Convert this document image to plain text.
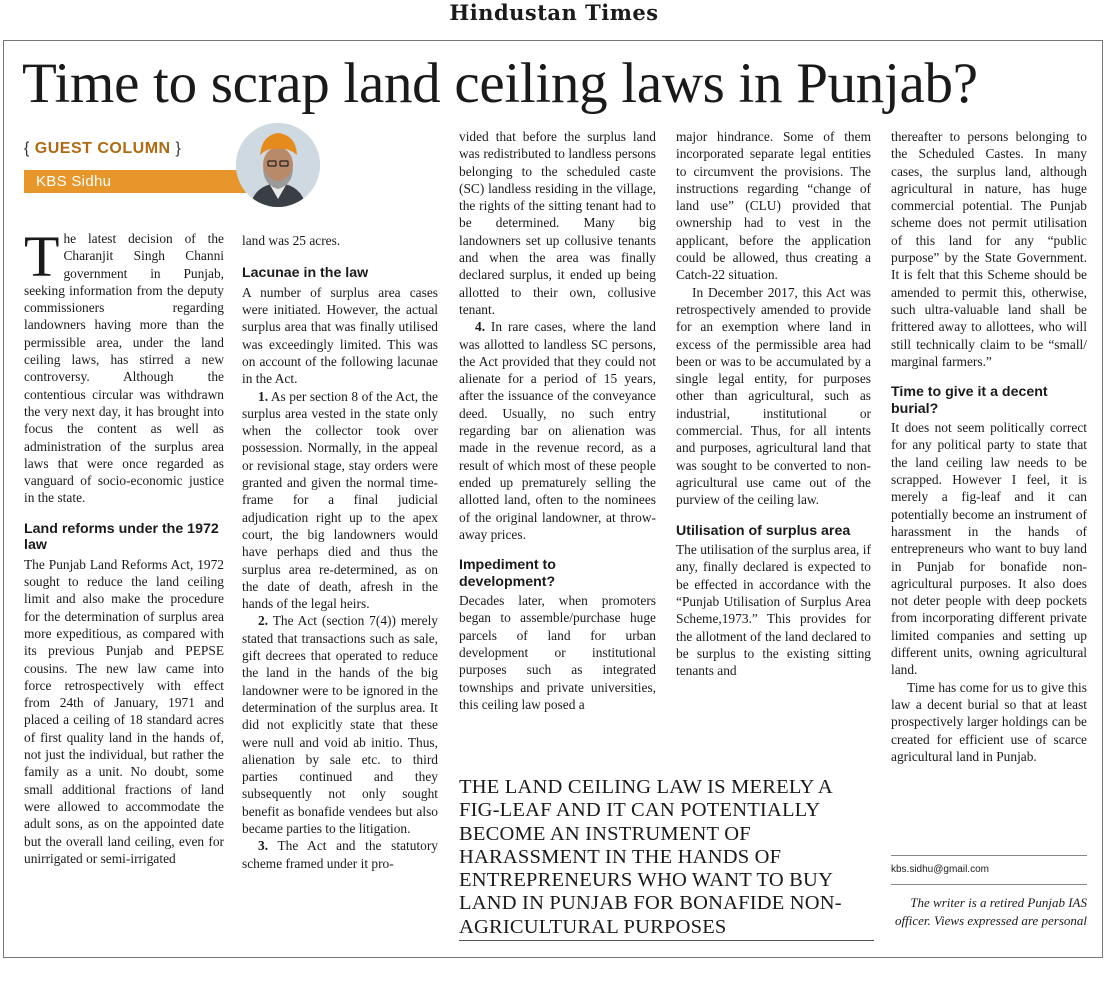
Hindustan Times
Time to scrap land ceiling laws in Punjab?
{ GUEST COLUMN }
KBS Sidhu

The latest decision of the Charanjit Singh Channi government in Punjab, seeking information from the deputy commissioners regarding landowners having more than the permissible area, under the land ceiling laws, has stirred a new controversy. Although the contentious circular was withdrawn the very next day, it has brought into focus the content as well as administration of the surplus area laws that were once regarded as vanguard of socio-economic justice in the state.

Land reforms under the 1972 law

The Punjab Land Reforms Act, 1972 sought to reduce the land ceiling limit and also make the procedure for the determination of surplus area more expeditious, as compared with its previous Punjab and PEPSE cousins. The new law came into force retrospectively with effect from 24th of January, 1971 and placed a ceiling of 18 standard acres of first quality land in the hands of, not just the individual, but rather the family as a unit. No doubt, some small additional fractions of land were allowed to accommodate the adult sons, as on the appointed date but the overall land ceiling, even for unirrigated or semi-irrigated

land was 25 acres.

Lacunae in the law

A number of surplus area cases were initiated. However, the actual surplus area that was finally utilised was exceedingly limited. This was on account of the following lacunae in the Act.

1. As per section 8 of the Act, the surplus area vested in the state only when the collector took over possession. Normally, in the appeal or revisional stage, stay orders were granted and given the normal time-frame for a final judicial adjudication right up to the apex court, the big landowners would have perhaps died and thus the surplus area re-determined, as on the date of death, afresh in the hands of the legal heirs.

2. The Act (section 7(4)) merely stated that transactions such as sale, gift decrees that operated to reduce the land in the hands of the big landowner were to be ignored in the determination of the surplus area. It did not explicitly state that these were null and void ab initio. Thus, alienation by sale etc. to third parties continued and they subsequently not only sought benefit as bonafide vendees but also became parties to the litigation.

3. The Act and the statutory scheme framed under it pro-

vided that before the surplus land was redistributed to landless persons belonging to the scheduled caste (SC) landless residing in the village, the rights of the sitting tenant had to be determined. Many big landowners set up collusive tenants and when the area was finally declared surplus, it ended up being allotted to their own, collusive tenant.

4. In rare cases, where the land was allotted to landless SC persons, the Act provided that they could not alienate for a period of 15 years, after the issuance of the conveyance deed. Usually, no such entry regarding bar on alienation was made in the revenue record, as a result of which most of these people ended up prematurely selling the allotted land, often to the nominees of the original landowner, at throw-away prices.

Impediment to development?

Decades later, when promoters began to assemble/purchase huge parcels of land for urban development or institutional purposes such as integrated townships and private universities, this ceiling law posed a

major hindrance. Some of them incorporated separate legal entities to circumvent the provisions. The instructions regarding “change of land use” (CLU) provided that ownership had to vest in the applicant, before the application could be allowed, thus creating a Catch-22 situation.

In December 2017, this Act was retrospectively amended to provide for an exemption where land in excess of the permissible area had been or was to be accumulated by a single legal entity, for purposes other than agricultural, such as industrial, institutional or commercial. Thus, for all intents and purposes, agricultural land that was sought to be converted to non-agricultural use came out of the purview of the ceiling law.

Utilisation of surplus area

The utilisation of the surplus area, if any, finally declared is expected to be effected in accordance with the “Punjab Utilisation of Surplus Area Scheme,1973.” This provides for the allotment of the land declared to be surplus to the existing sitting tenants and

thereafter to persons belonging to the Scheduled Castes. In many cases, the surplus land, although agricultural in nature, has huge commercial potential. The Punjab scheme does not permit utilisation of this land for any “public purpose” by the State Government. It is felt that this Scheme should be amended to permit this, otherwise, such ultra-valuable land shall be frittered away to allottees, who will still technically claim to be “small/ marginal farmers.”

Time to give it a decent burial?

It does not seem politically correct for any political party to state that the land ceiling law needs to be scrapped. However I feel, it is merely a fig-leaf and it can potentially become an instrument of harassment in the hands of entrepreneurs who want to buy land in Punjab for bonafide non-agricultural purposes. It also does not deter people with deep pockets from incorporating different private limited companies and setting up different units, owning agricultural land.

Time has come for us to give this law a decent burial so that at least prospectively larger holdings can be created for efficient use of scarce agricultural land in Punjab.

THE LAND CEILING LAW IS MERELY A FIG-LEAF AND IT CAN POTENTIALLY BECOME AN INSTRUMENT OF HARASSMENT IN THE HANDS OF ENTREPRENEURS WHO WANT TO BUY LAND IN PUNJAB FOR BONAFIDE NON-AGRICULTURAL PURPOSES
kbs.sidhu@gmail.com
The writer is a retired Punjab IAS officer. Views expressed are personal
